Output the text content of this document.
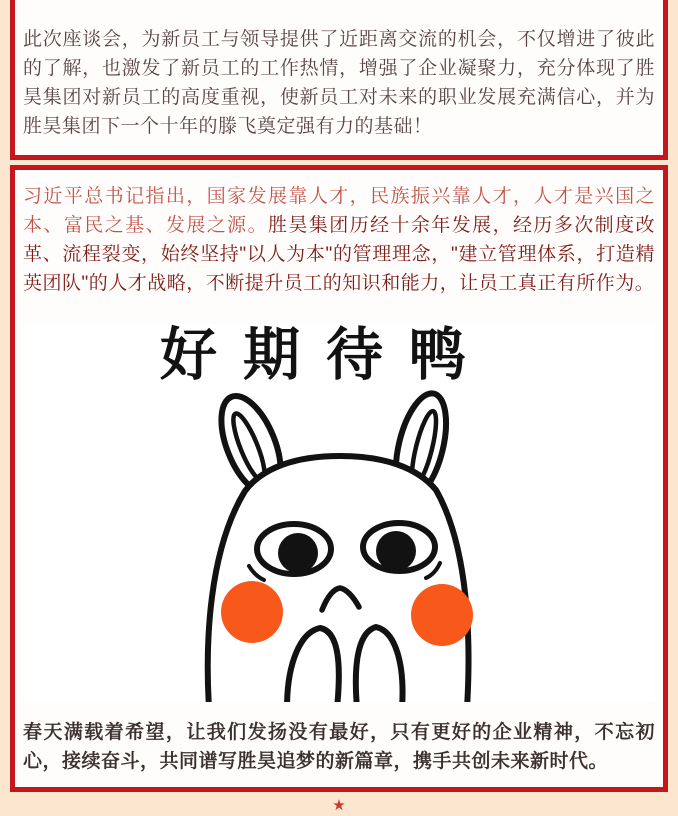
此次座谈会，为新员工与领导提供了近距离交流的机会，不仅增进了彼此的了解，也激发了新员工的工作热情，增强了企业凝聚力，充分体现了胜昊集团对新员工的高度重视，使新员工对未来的职业发展充满信心，并为胜昊集团下一个十年的滕飞奠定强有力的基础！

习近平总书记指出，国家发展靠人才，民族振兴靠人才，人才是兴国之本、富民之基、发展之源。胜昊集团历经十余年发展，经历多次制度改革、流程裂变，始终坚持"以人为本"的管理理念，"建立管理体系，打造精英团队"的人才战略，不断提升员工的知识和能力，让员工真正有所作为。

好期待鸭

春天满载着希望，让我们发扬没有最好，只有更好的企业精神，不忘初心，接续奋斗，共同谱写胜昊追梦的新篇章，携手共创未来新时代。

★
